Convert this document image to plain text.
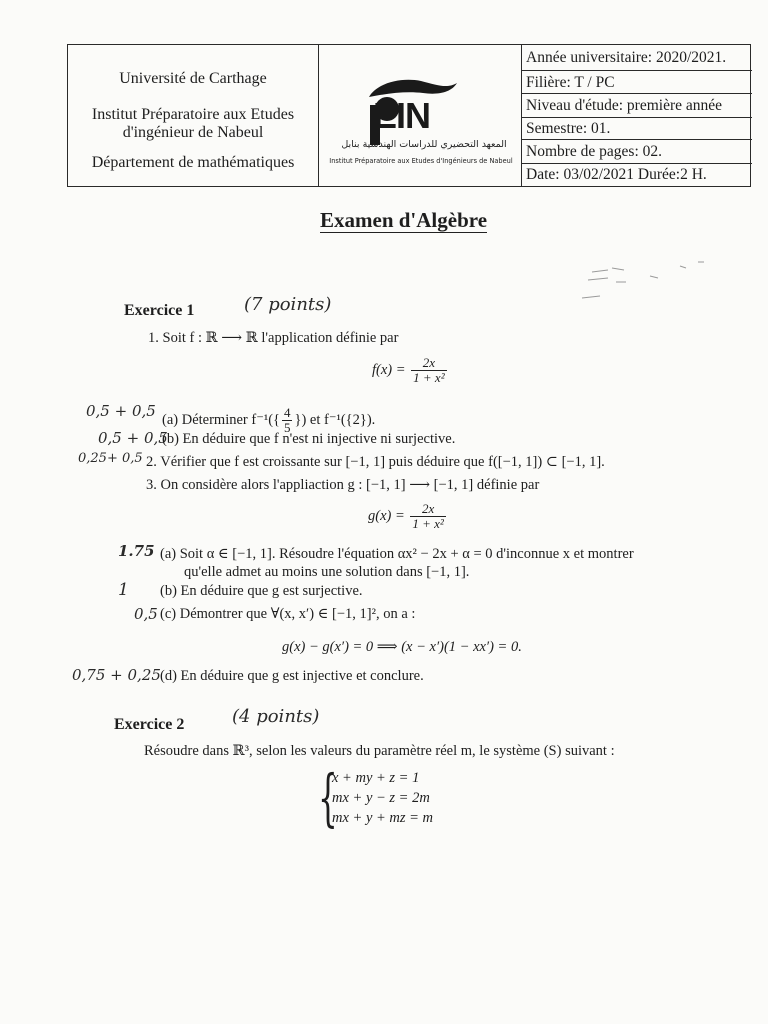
Université de Carthage
Institut Préparatoire aux Etudes
d'ingénieur de Nabeul
Département de mathématiques
EIN
المعهد التحضيري للدراسات الهندسية بنابل
Institut Préparatoire aux Etudes d'Ingénieurs de Nabeul
Année universitaire: 2020/2021.
Filière: T / PC
Niveau d'étude: première année
Semestre: 01.
Nombre de pages: 02.
Date: 03/02/2021 Durée:2 H.
Examen d'Algèbre
Exercice 1	(7 points)
1. Soit f : ℝ ⟶ ℝ l'application définie par
$f(x) = \frac{2x}{\text{1 + x²}}$
0,5 + 0,5 (a) Déterminer $f^{-1}(\{ \frac{4}{5}$ }) et f⁻¹({2}).
0,5 + 0,5
(b) En déduire que f n'est ni injective ni surjective.
0,25+ 0,5 2. Vérifier que f est croissante sur [−1, 1] puis déduire que f([−1, 1]) ⊂ [−1, 1].
3. On considère alors l'appliaction g : [−1, 1] ⟶ [−1, 1] définie par
$g(x) = \frac{2x}{\text{1 + x²}}$
1.75 (a) Soit α ∈ [−1, 1]. Résoudre l'équation αx² − 2x + α = 0 d'inconnue x et montrer
qu'elle admet au moins une solution dans [−1, 1].
1 (b) En déduire que g est surjective.
0,5 (c) Démontrer que ∀(x, x′) ∈ [−1, 1]², on a :
g(x) − g(x′) = 0 ⟹ (x − x′)(1 − xx′) = 0.
0,75 + 0,25 (d) En déduire que g est injective et conclure.
Exercice 2	(4 points)
Résoudre dans ℝ³, selon les valeurs du paramètre réel m, le système (S) suivant :
{
x + my + z = 1
mx + y − z = 2m
mx + y + mz = m
